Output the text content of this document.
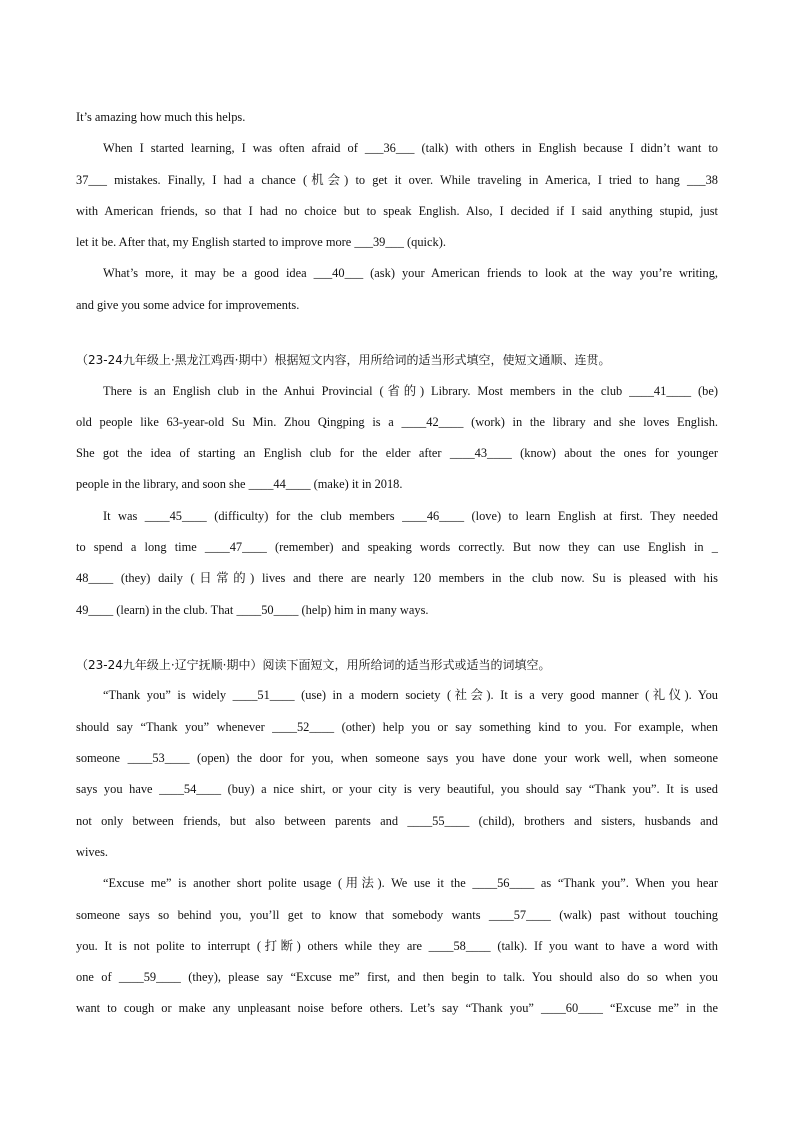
It’s amazing how much this helps.
When I started learning, I was often afraid of ___36___ (talk) with others in English because I didn’t want to
37___ mistakes. Finally, I had a chance (机会) to get it over. While traveling in America, I tried to hang ___38
with American friends, so that I had no choice but to speak English. Also, I decided if I said anything stupid, just
let it be. After that, my English started to improve more ___39___ (quick).
What’s more, it may be a good idea ___40___ (ask) your American friends to look at the way you’re writing,
and give you some advice for improvements.
（23-24九年级上·黑龙江鸡西·期中）根据短文内容，用所给词的适当形式填空，使短文通顺、连贯。
There is an English club in the Anhui Provincial (省的) Library. Most members in the club ____41____ (be)
old people like 63-year-old Su Min. Zhou Qingping is a ____42____ (work) in the library and she loves English.
She got the idea of starting an English club for the elder after ____43____ (know) about the ones for younger
people in the library, and soon she ____44____ (make) it in 2018.
It was ____45____ (difficulty) for the club members ____46____ (love) to learn English at first. They needed
to spend a long time ____47____ (remember) and speaking words correctly. But now they can use English in _
48____ (they) daily (日常的) lives and there are nearly 120 members in the club now. Su is pleased with his
49____ (learn) in the club. That ____50____ (help) him in many ways.
（23-24九年级上·辽宁抚顺·期中）阅读下面短文，用所给词的适当形式或适当的词填空。
“Thank you” is widely ____51____ (use) in a modern society (社会). It is a very good manner (礼仪). You
should say “Thank you” whenever ____52____ (other) help you or say something kind to you. For example, when
someone ____53____ (open) the door for you, when someone says you have done your work well, when someone
says you have ____54____ (buy) a nice shirt, or your city is very beautiful, you should say “Thank you”. It is used
not only between friends, but also between parents and ____55____ (child), brothers and sisters, husbands and
wives.
“Excuse me” is another short polite usage (用法). We use it the ____56____ as “Thank you”. When you hear
someone says so behind you, you’ll get to know that somebody wants ____57____ (walk) past without touching
you. It is not polite to interrupt (打断) others while they are ____58____ (talk). If you want to have a word with
one of ____59____ (they), please say “Excuse me” first, and then begin to talk. You should also do so when you
want to cough or make any unpleasant noise before others. Let’s say “Thank you” ____60____ “Excuse me” in the
